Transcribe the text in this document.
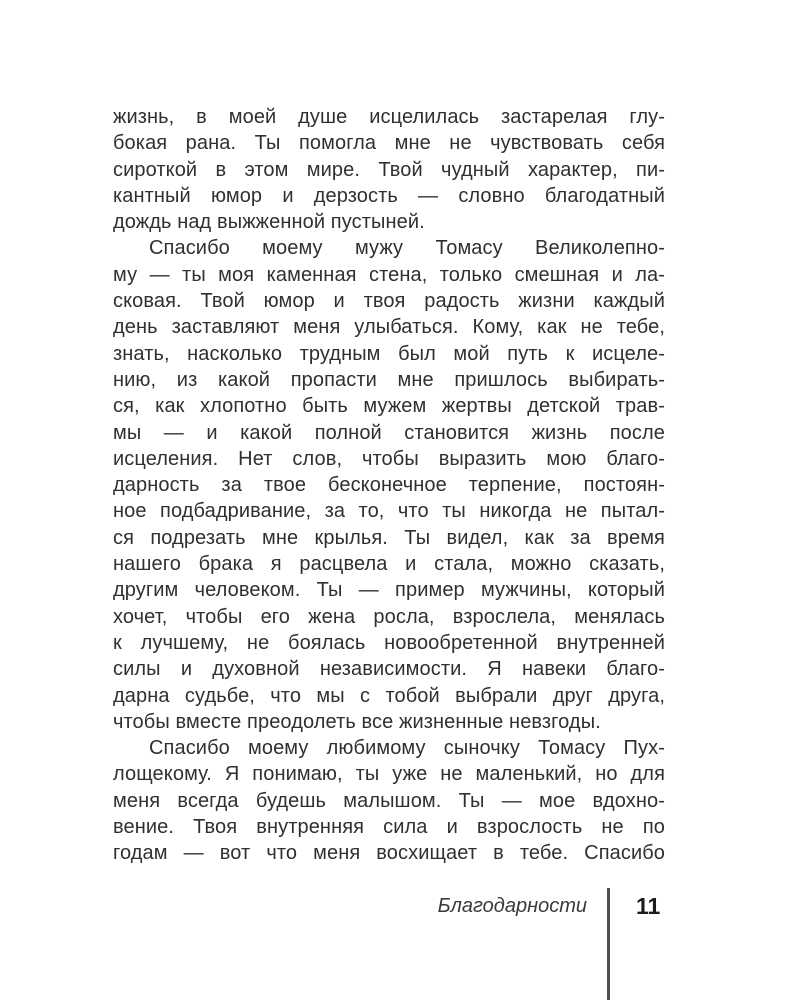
жизнь, в моей душе исцелилась застарелая глу-
бокая рана. Ты помогла мне не чувствовать себя
сироткой в этом мире. Твой чудный характер, пи-
кантный юмор и дерзость — словно благодатный
дождь над выжженной пустыней.
Спасибо моему мужу Томасу Великолепно-
му — ты моя каменная стена, только смешная и ла-
сковая. Твой юмор и твоя радость жизни каждый
день заставляют меня улыбаться. Кому, как не тебе,
знать, насколько трудным был мой путь к исцеле-
нию, из какой пропасти мне пришлось выбирать-
ся, как хлопотно быть мужем жертвы детской трав-
мы — и какой полной становится жизнь после
исцеления. Нет слов, чтобы выразить мою благо-
дарность за твое бесконечное терпение, постоян-
ное подбадривание, за то, что ты никогда не пытал-
ся подрезать мне крылья. Ты видел, как за время
нашего брака я расцвела и стала, можно сказать,
другим человеком. Ты — пример мужчины, который
хочет, чтобы его жена росла, взрослела, менялась
к лучшему, не боялась новообретенной внутренней
силы и духовной независимости. Я навеки благо-
дарна судьбе, что мы с тобой выбрали друг друга,
чтобы вместе преодолеть все жизненные невзгоды.
Спасибо моему любимому сыночку Томасу Пух-
лощекому. Я понимаю, ты уже не маленький, но для
меня всегда будешь малышом. Ты — мое вдохно-
вение. Твоя внутренняя сила и взрослость не по
годам — вот что меня восхищает в тебе. Спасибо
Благодарности 11
